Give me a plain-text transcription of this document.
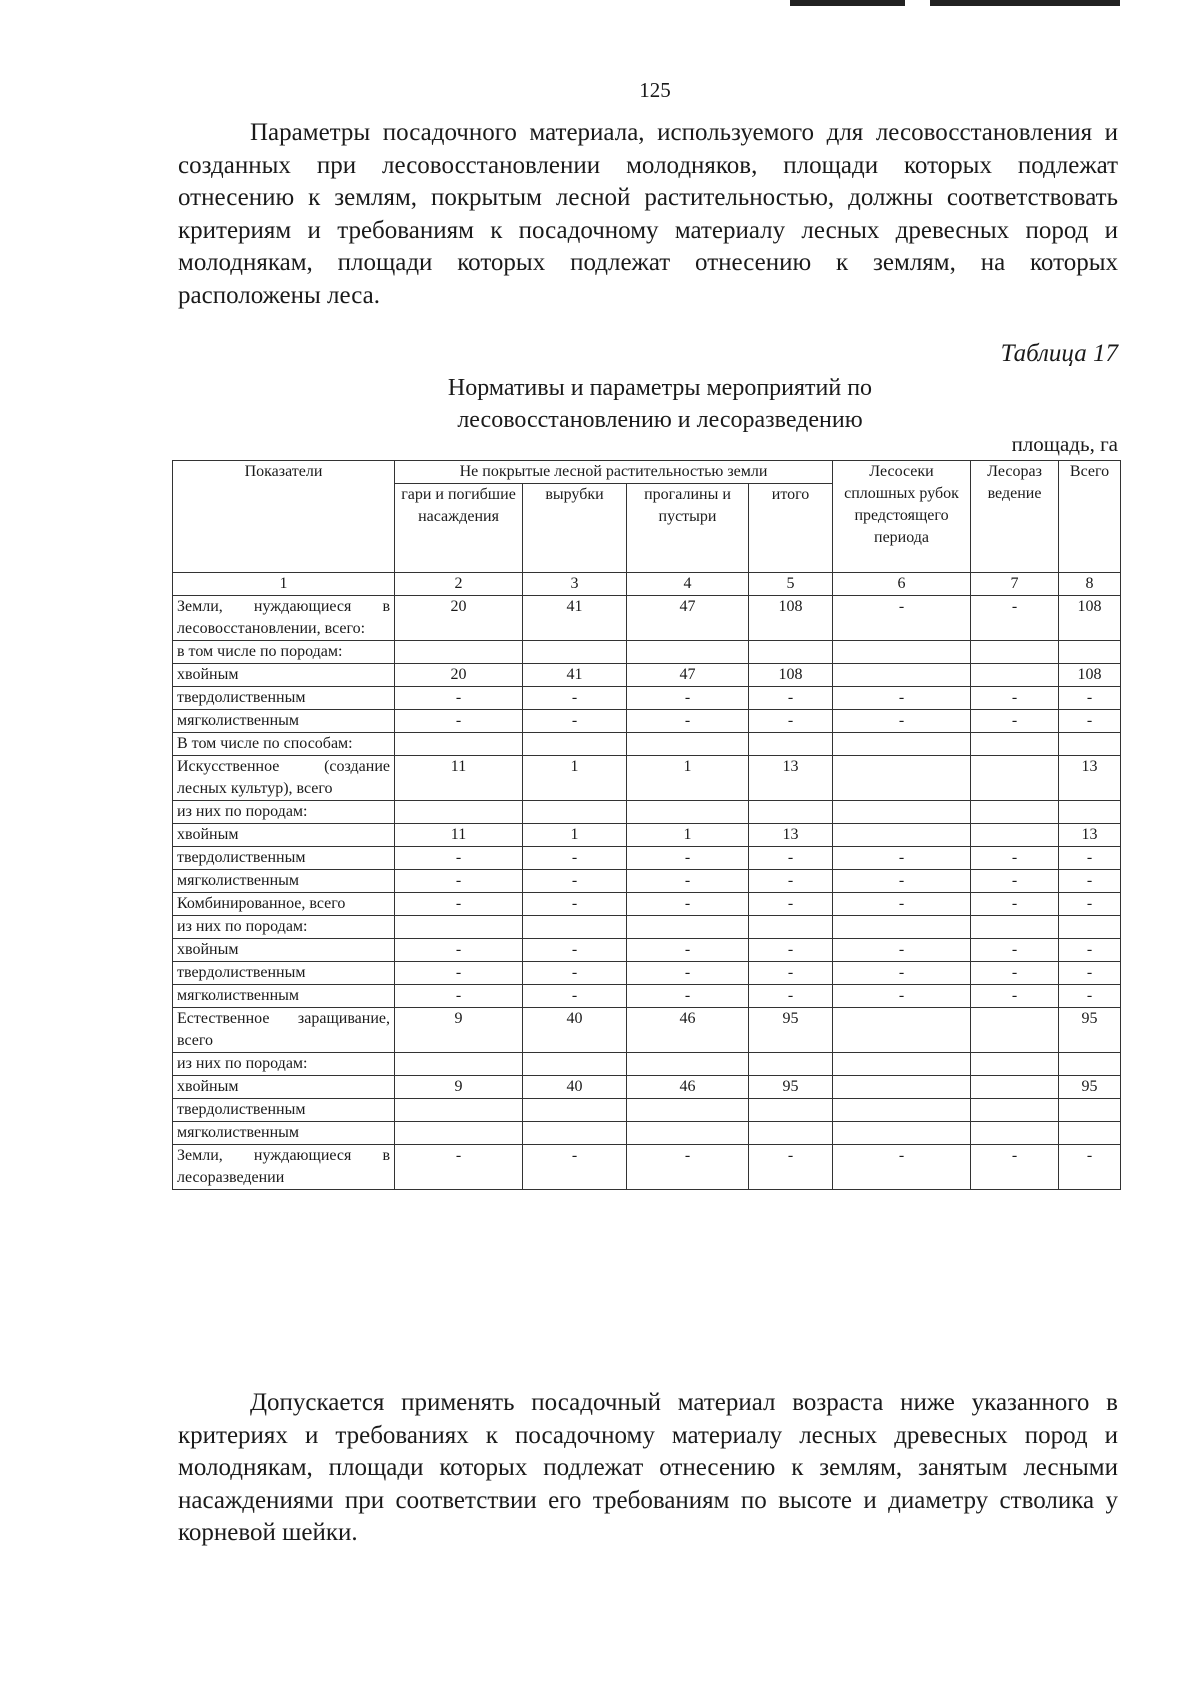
125

Параметры посадочного материала, используемого для лесовосстановления и созданных при лесовосстановлении молодняков, площади которых подлежат отнесению к землям, покрытым лесной растительностью, должны соответствовать критериям и требованиям к посадочному материалу лесных древесных пород и молоднякам, площади которых подлежат отнесению к землям, на которых расположены леса.

Таблица 17
Нормативы и параметры мероприятий по
лесовосстановлению и лесоразведению
площадь, га
Показатели	Не покрытые лесной растительностью земли				Лесосеки сплошных рубок предстоящего периода	Лесораз ведение	Всего
	гари и погибшие насаждения	вырубки	прогалины и пустыри	итого			
1	2	3	4	5	6	7	8
Земли, нуждающиеся в лесовосстановлении, всего:	20	41	47	108	-	-	108
в том числе по породам:							
хвойным	20	41	47	108			108
твердолиственным	-	-	-	-	-	-	-
мягколиственным	-	-	-	-	-	-	-
В том числе по способам:							
Искусственное (создание лесных культур), всего	11	1	1	13			13
из них по породам:							
хвойным	11	1	1	13			13
твердолиственным	-	-	-	-	-	-	-
мягколиственным	-	-	-	-	-	-	-
Комбинированное, всего	-	-	-	-	-	-	-
из них по породам:							
хвойным	-	-	-	-	-	-	-
твердолиственным	-	-	-	-	-	-	-
мягколиственным	-	-	-	-	-	-	-
Естественное заращивание, всего	9	40	46	95			95
из них по породам:							
хвойным	9	40	46	95			95
твердолиственным							
мягколиственным							
Земли, нуждающиеся в лесоразведении	-	-	-	-	-	-	-

Допускается применять посадочный материал возраста ниже указанного в критериях и требованиях к посадочному материалу лесных древесных пород и молоднякам, площади которых подлежат отнесению к землям, занятым лесными насаждениями при соответствии его требованиям по высоте и диаметру стволика у корневой шейки.
